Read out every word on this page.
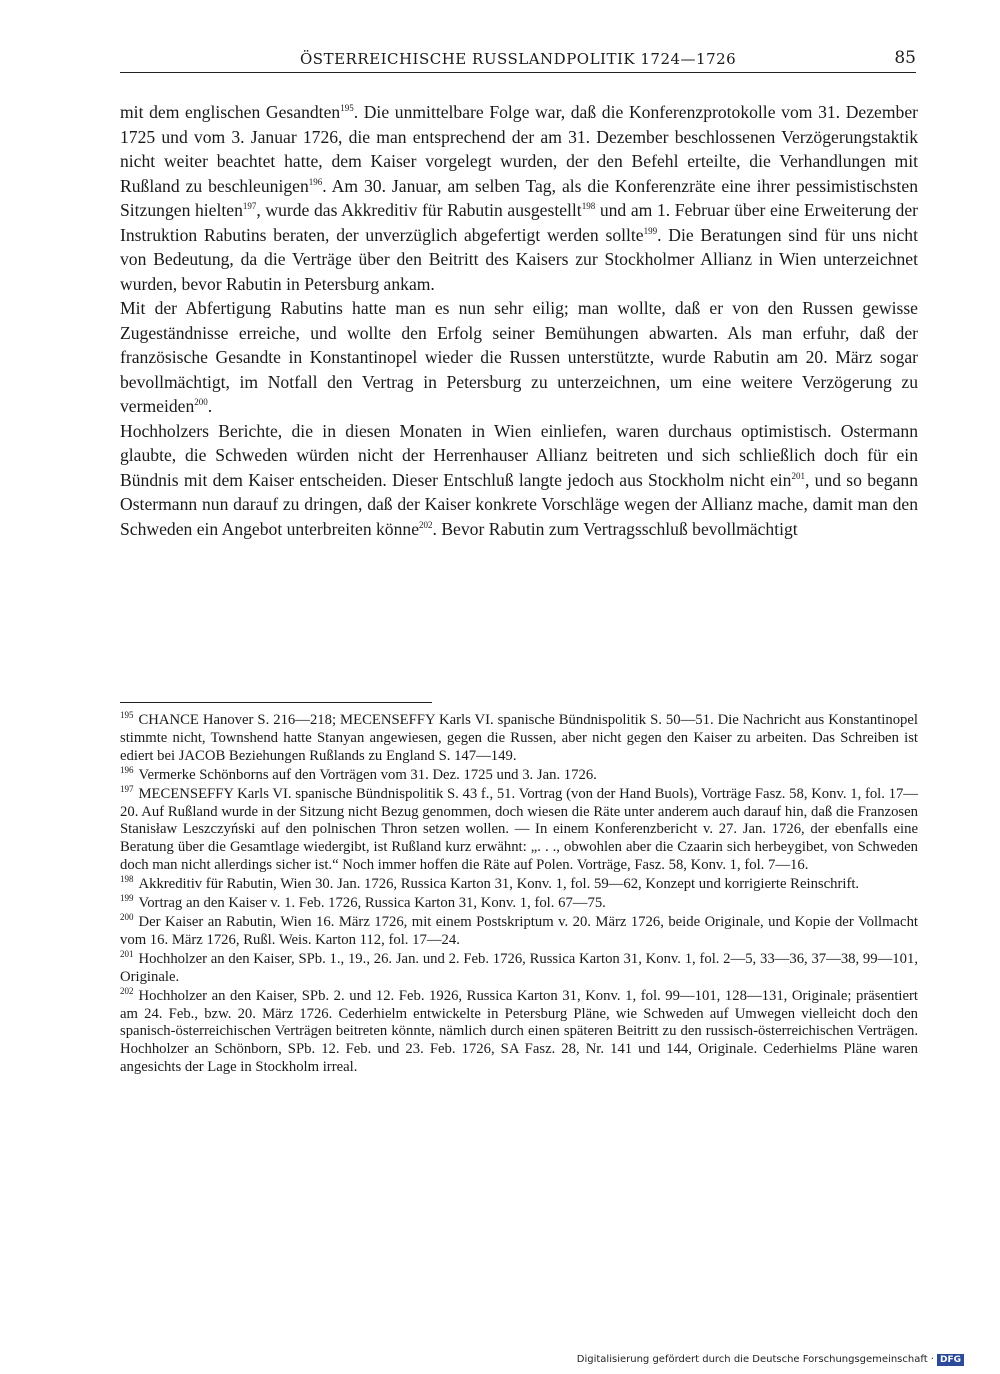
ÖSTERREICHISCHE RUSSLANDPOLITIK 1724—1726	85

mit dem englischen Gesandten$^{195}$. Die unmittelbare Folge war, daß die Konferenzprotokolle vom 31. Dezember 1725 und vom 3. Januar 1726, die man entsprechend der am 31. Dezember beschlossenen Verzögerungstaktik nicht weiter beachtet hatte, dem Kaiser vorgelegt wurden, der den Befehl erteilte, die Verhandlungen mit Rußland zu beschleunigen$^{196}$. Am 30. Januar, am selben Tag, als die Konferenzräte eine ihrer pessimistischsten Sitzungen hielten$^{197}$, wurde das Akkreditiv für Rabutin ausgestellt$^{198}$ und am 1. Februar über eine Erweiterung der Instruktion Rabutins beraten, der unverzüglich abgefertigt werden sollte$^{199}$. Die Beratungen sind für uns nicht von Bedeutung, da die Verträge über den Beitritt des Kaisers zur Stockholmer Allianz in Wien unterzeichnet wurden, bevor Rabutin in Petersburg ankam.

Mit der Abfertigung Rabutins hatte man es nun sehr eilig; man wollte, daß er von den Russen gewisse Zugeständnisse erreiche, und wollte den Erfolg seiner Bemühungen abwarten. Als man erfuhr, daß der französische Gesandte in Konstantinopel wieder die Russen unterstützte, wurde Rabutin am 20. März sogar bevollmächtigt, im Notfall den Vertrag in Petersburg zu unterzeichnen, um eine weitere Verzögerung zu vermeiden$^{200}$.

Hochholzers Berichte, die in diesen Monaten in Wien einliefen, waren durchaus optimistisch. Ostermann glaubte, die Schweden würden nicht der Herrenhauser Allianz beitreten und sich schließlich doch für ein Bündnis mit dem Kaiser entscheiden. Dieser Entschluß langte jedoch aus Stockholm nicht ein$^{201}$, und so begann Ostermann nun darauf zu dringen, daß der Kaiser konkrete Vorschläge wegen der Allianz mache, damit man den Schweden ein Angebot unterbreiten könne$^{202}$. Bevor Rabutin zum Vertragsschluß bevollmächtigt

$^{195}$ CHANCE Hanover S. 216—218; MECENSEFFY Karls VI. spanische Bündnispolitik S. 50—51. Die Nachricht aus Konstantinopel stimmte nicht, Townshend hatte Stanyan angewiesen, gegen die Russen, aber nicht gegen den Kaiser zu arbeiten. Das Schreiben ist ediert bei JACOB Beziehungen Rußlands zu England S. 147—149.

$^{196}$ Vermerke Schönborns auf den Vorträgen vom 31. Dez. 1725 und 3. Jan. 1726.

$^{197}$ MECENSEFFY Karls VI. spanische Bündnispolitik S. 43 f., 51. Vortrag (von der Hand Buols), Vorträge Fasz. 58, Konv. 1, fol. 17—20. Auf Rußland wurde in der Sitzung nicht Bezug genommen, doch wiesen die Räte unter anderem auch darauf hin, daß die Franzosen Stanisław Leszczyński auf den polnischen Thron setzen wollen. — In einem Konferenzbericht v. 27. Jan. 1726, der ebenfalls eine Beratung über die Gesamtlage wiedergibt, ist Rußland kurz erwähnt: „. . ., obwohlen aber die Czaarin sich herbeygibet, von Schweden doch man nicht allerdings sicher ist.“ Noch immer hoffen die Räte auf Polen. Vorträge, Fasz. 58, Konv. 1, fol. 7—16.

$^{198}$ Akkreditiv für Rabutin, Wien 30. Jan. 1726, Russica Karton 31, Konv. 1, fol. 59—62, Konzept und korrigierte Reinschrift.

$^{199}$ Vortrag an den Kaiser v. 1. Feb. 1726, Russica Karton 31, Konv. 1, fol. 67—75.

$^{200}$ Der Kaiser an Rabutin, Wien 16. März 1726, mit einem Postskriptum v. 20. März 1726, beide Originale, und Kopie der Vollmacht vom 16. März 1726, Rußl. Weis. Karton 112, fol. 17—24.

$^{201}$ Hochholzer an den Kaiser, SPb. 1., 19., 26. Jan. und 2. Feb. 1726, Russica Karton 31, Konv. 1, fol. 2—5, 33—36, 37—38, 99—101, Originale.

$^{202}$ Hochholzer an den Kaiser, SPb. 2. und 12. Feb. 1926, Russica Karton 31, Konv. 1, fol. 99—101, 128—131, Originale; präsentiert am 24. Feb., bzw. 20. März 1726. Cederhielm entwickelte in Petersburg Pläne, wie Schweden auf Umwegen vielleicht doch den spanisch-österreichischen Verträgen beitreten könnte, nämlich durch einen späteren Beitritt zu den russisch-österreichischen Verträgen. Hochholzer an Schönborn, SPb. 12. Feb. und 23. Feb. 1726, SA Fasz. 28, Nr. 141 und 144, Originale. Cederhielms Pläne waren angesichts der Lage in Stockholm irreal.

Digitalisierung gefördert durch die Deutsche Forschungsgemeinschaft · DFG
